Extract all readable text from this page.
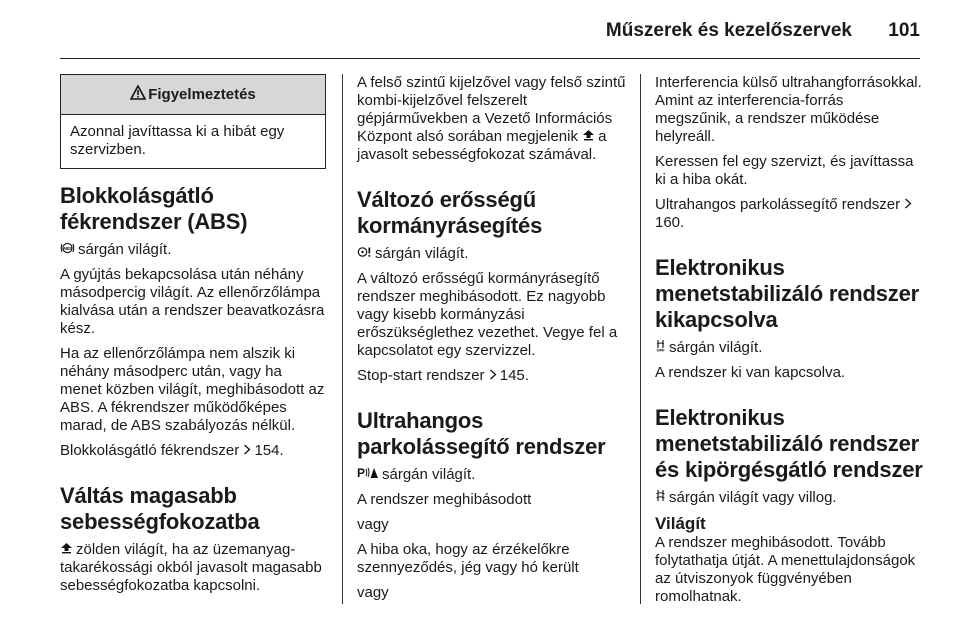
Műszerek és kezelőszervek 101
Figyelmeztetés
Azonnal javíttassa ki a hibát egy szervizben.
Blokkolásgátló fékrendszer (ABS)

ABS sárgán világít.

A gyújtás bekapcsolása után néhány másodpercig világít. Az ellenőrzőlámpa kialvása után a rendszer beavatkozásra kész.

Ha az ellenőrzőlámpa nem alszik ki néhány másodperc után, vagy ha menet közben világít, meghibásodott az ABS. A fékrendszer működőképes marad, de ABS szabályozás nélkül.

Blokkolásgátló fékrendszer 154.

Váltás magasabb sebességfokozatba

zölden világít, ha az üzemanyag-takarékossági okból javasolt magasabb sebességfokozatba kapcsolni.

A felső szintű kijelzővel vagy felső szintű kombi-kijelzővel felszerelt gépjárművekben a Vezető Információs Központ alsó sorában megjelenik a javasolt sebességfokozat számával.

Változó erősségű kormányrásegítés

sárgán világít.

A változó erősségű kormányrásegítő rendszer meghibásodott. Ez nagyobb vagy kisebb kormányzási erőszükséglethez vezethet. Vegye fel a kapcsolatot egy szervizzel.

Stop-start rendszer 145.

Ultrahangos parkolássegítő rendszer

P sárgán világít.

A rendszer meghibásodott

vagy

A hiba oka, hogy az érzékelőkre szennyeződés, jég vagy hó került

vagy

Interferencia külső ultrahangforrásokkal. Amint az interferencia-forrás megszűnik, a rendszer működése helyreáll.

Keressen fel egy szervizt, és javíttassa ki a hiba okát.

Ultrahangos parkolássegítő rendszer 160.

Elektronikus menetstabilizáló rendszer kikapcsolva

OFF sárgán világít.

A rendszer ki van kapcsolva.

Elektronikus menetstabilizáló rendszer és kipörgésgátló rendszer

sárgán világít vagy villog.

Világít

A rendszer meghibásodott. Tovább folytathatja útját. A menettulajdonságok az útviszonyok függvényében romolhatnak.
